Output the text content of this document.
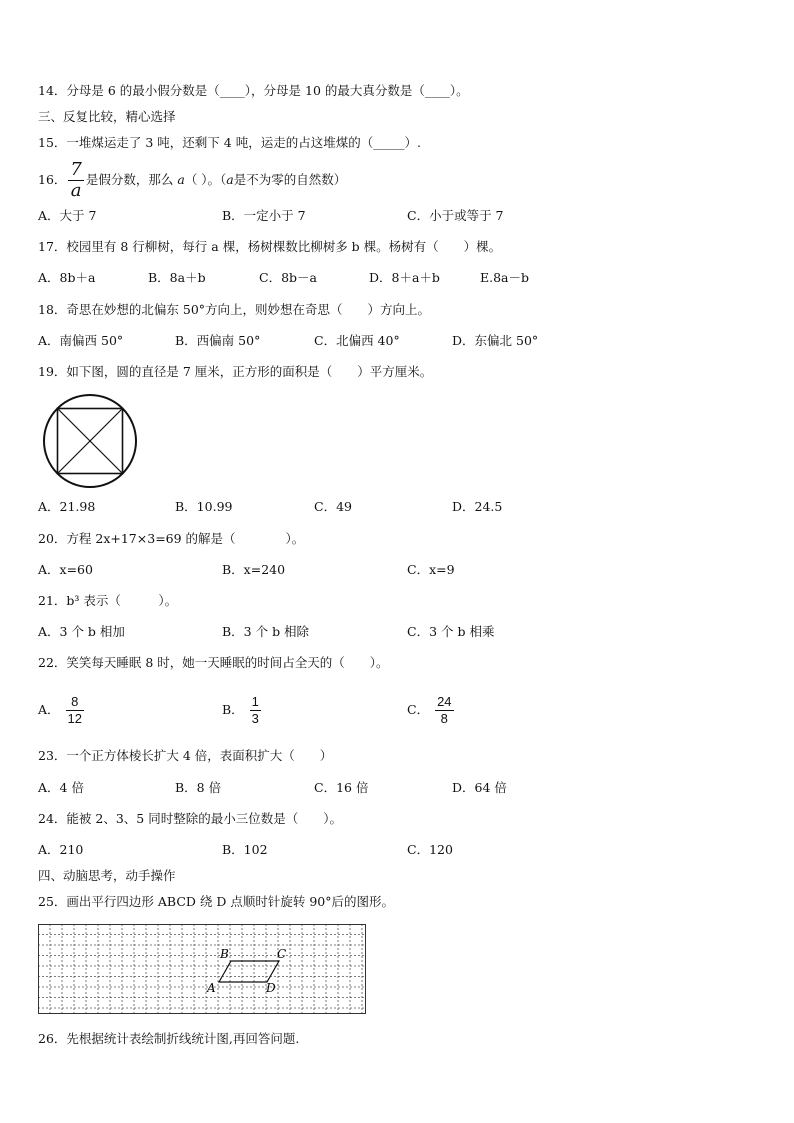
14．分母是 6 的最小假分数是（____），分母是 10 的最大真分数是（____）。
三、反复比较，精心选择
15．一堆煤运走了 3 吨，还剩下 4 吨，运走的占这堆煤的（_____）.
16． $\frac{7}{a}$ 是假分数，那么 a（ ）。（a是不为零的自然数）
A．大于 7	B．一定小于 7	C．小于或等于 7
17．校园里有 8 行柳树，每行 a 棵，杨树棵数比柳树多 b 棵。杨树有（　　）棵。
A．8b＋a	B．8a＋b	C．8b－a	D．8＋a＋b	E.8a－b
18．奇思在妙想的北偏东 50°方向上，则妙想在奇思（　　）方向上。
A．南偏西 50°	B．西偏南 50°	C．北偏西 40°	D．东偏北 50°
19．如下图，圆的直径是 7 厘米，正方形的面积是（　　）平方厘米。
A．21.98	B．10.99	C．49	D．24.5
20．方程 2x+17×3=69 的解是（　　　　）。
A．x=60	B．x=240	C．x=9
21．b³ 表示（　　　）。
A．3 个 b 相加	B．3 个 b 相除	C．3 个 b 相乘
22．笑笑每天睡眠 8 时，她一天睡眠的时间占全天的（　　）。
A． $\frac{8}{12}$	B． $\frac{1}{3}$	C． $\frac{24}{8}$
23．一个正方体棱长扩大 4 倍，表面积扩大（　　）
A．4 倍	B．8 倍	C．16 倍	D．64 倍
24．能被 2、3、5 同时整除的最小三位数是（　　）。
A．210	B．102	C．120
四、动脑思考，动手操作
25．画出平行四边形 ABCD 绕 D 点顺时针旋转 90°后的图形。
B	C
A	D
26．先根据统计表绘制折线统计图,再回答问题.
